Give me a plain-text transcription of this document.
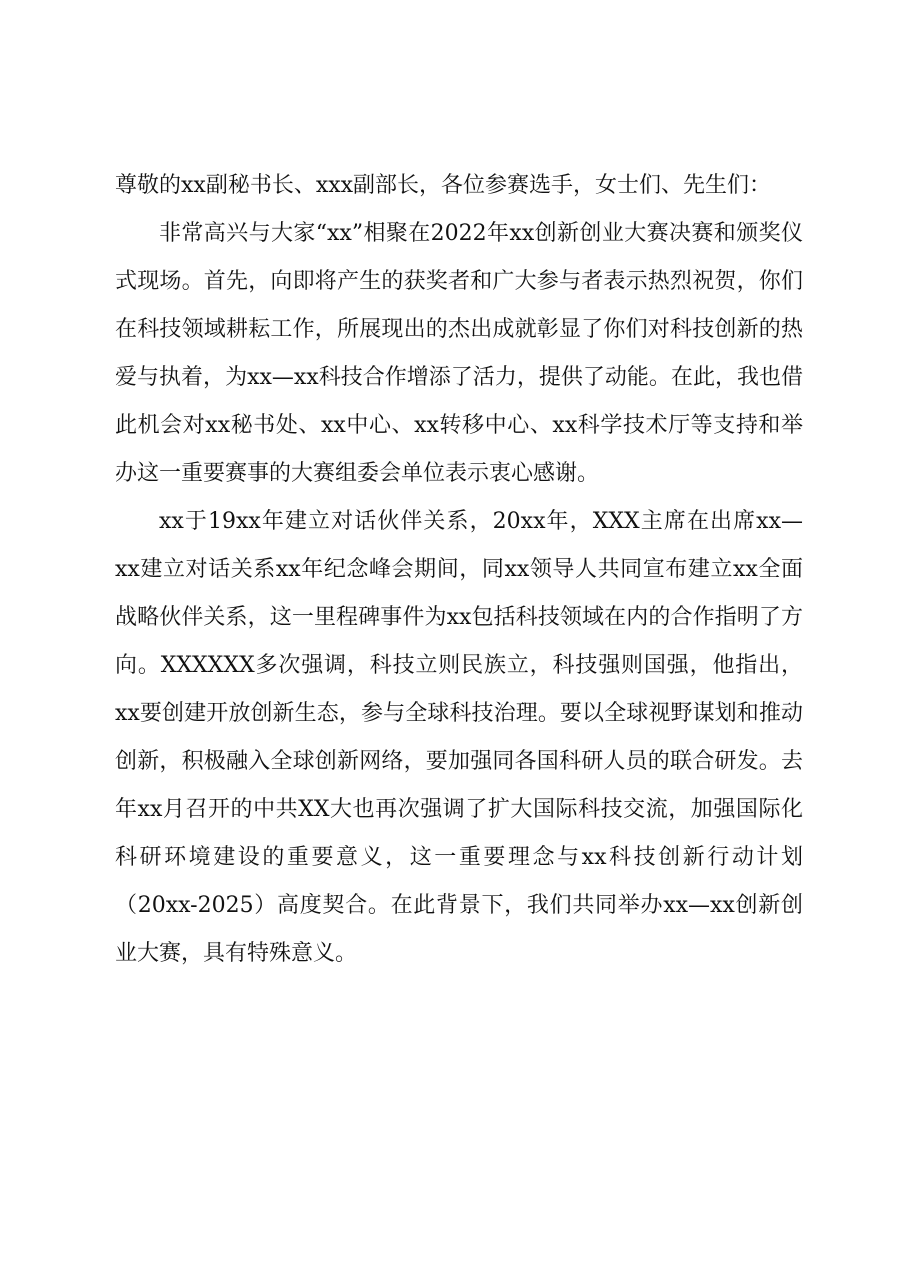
尊敬的xx副秘书长、xxx副部长，各位参赛选手，女士们、先生们：

非常高兴与大家“xx”相聚在2022年xx创新创业大赛决赛和颁奖仪式现场。首先，向即将产生的获奖者和广大参与者表示热烈祝贺，你们在科技领域耕耘工作，所展现出的杰出成就彰显了你们对科技创新的热爱与执着，为xx—xx科技合作增添了活力，提供了动能。在此，我也借此机会对xx秘书处、xx中心、xx转移中心、xx科学技术厅等支持和举办这一重要赛事的大赛组委会单位表示衷心感谢。

xx于19xx年建立对话伙伴关系，20xx年，XXX主席在出席xx—xx建立对话关系xx年纪念峰会期间，同xx领导人共同宣布建立xx全面战略伙伴关系，这一里程碑事件为xx包括科技领域在内的合作指明了方向。XXXXXX多次强调，科技立则民族立，科技强则国强，他指出，xx要创建开放创新生态，参与全球科技治理。要以全球视野谋划和推动创新，积极融入全球创新网络，要加强同各国科研人员的联合研发。去年xx月召开的中共XX大也再次强调了扩大国际科技交流，加强国际化科研环境建设的重要意义，这一重要理念与xx科技创新行动计划（20xx-2025）高度契合。在此背景下，我们共同举办xx—xx创新创业大赛，具有特殊意义。
